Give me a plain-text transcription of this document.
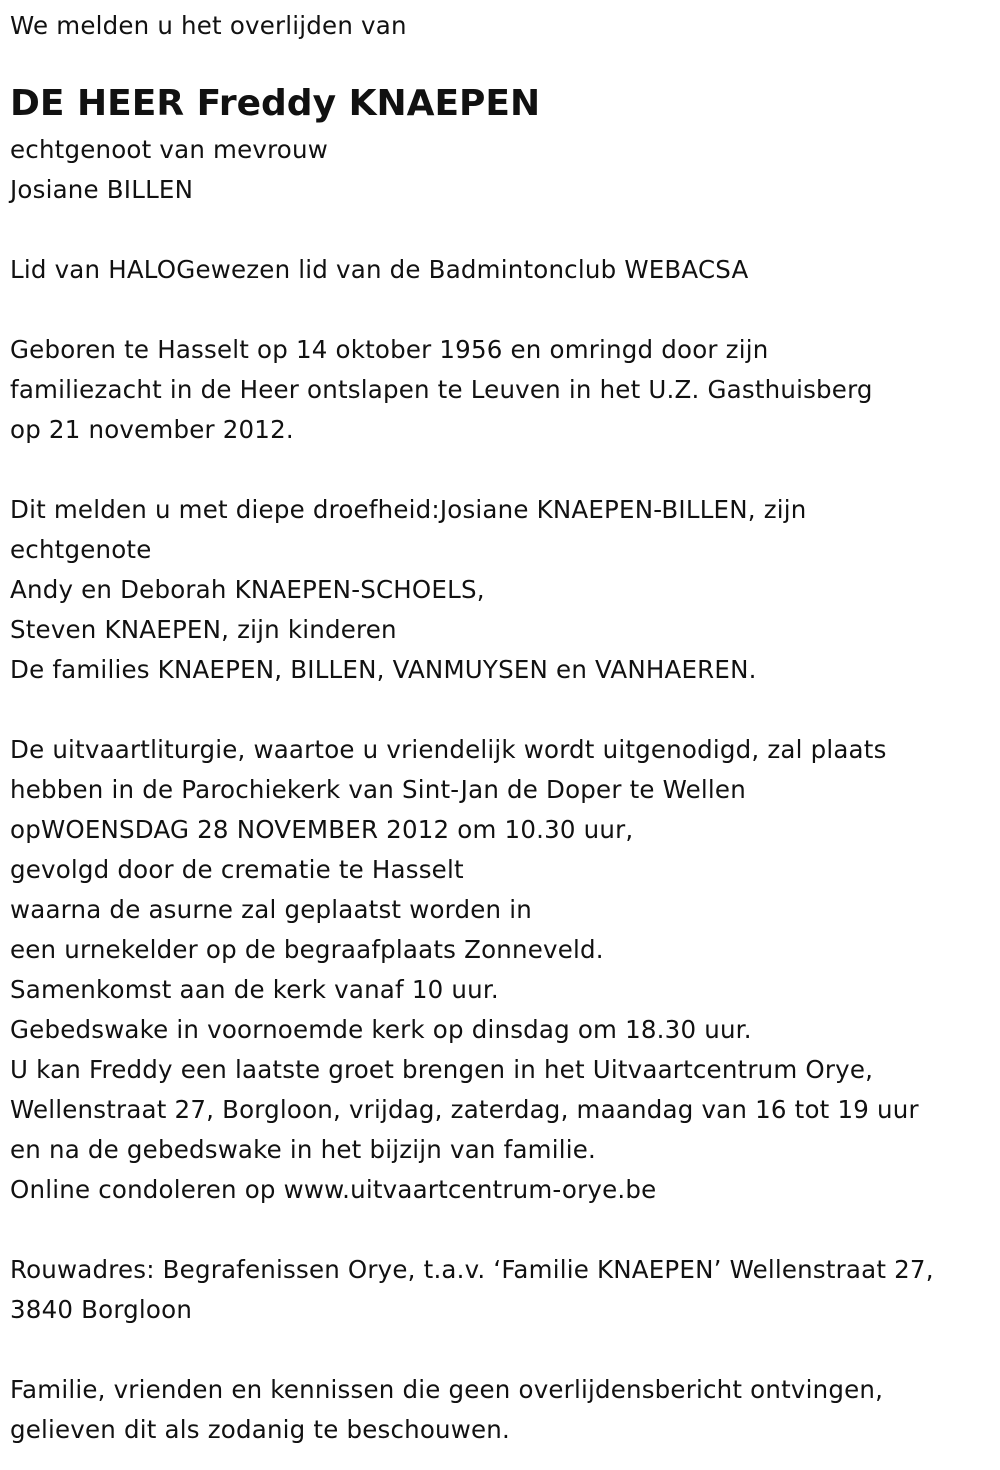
We melden u het overlijden van
DE HEER Freddy KNAEPEN
echtgenoot van mevrouw
Josiane BILLEN
Lid van HALOGewezen lid van de Badmintonclub WEBACSA
Geboren te Hasselt op 14 oktober 1956 en omringd door zijn
familiezacht in de Heer ontslapen te Leuven in het U.Z. Gasthuisberg
op 21 november 2012.
Dit melden u met diepe droefheid:Josiane KNAEPEN-BILLEN, zijn
echtgenote
Andy en Deborah KNAEPEN-SCHOELS,
Steven KNAEPEN, zijn kinderen
De families KNAEPEN, BILLEN, VANMUYSEN en VANHAEREN.
De uitvaartliturgie, waartoe u vriendelijk wordt uitgenodigd, zal plaats
hebben in de Parochiekerk van Sint-Jan de Doper te Wellen
opWOENSDAG 28 NOVEMBER 2012 om 10.30 uur,
gevolgd door de crematie te Hasselt
waarna de asurne zal geplaatst worden in
een urnekelder op de begraafplaats Zonneveld.
Samenkomst aan de kerk vanaf 10 uur.
Gebedswake in voornoemde kerk op dinsdag om 18.30 uur.
U kan Freddy een laatste groet brengen in het Uitvaartcentrum Orye,
Wellenstraat 27, Borgloon, vrijdag, zaterdag, maandag van 16 tot 19 uur
en na de gebedswake in het bijzijn van familie.
Online condoleren op www.uitvaartcentrum-orye.be
Rouwadres: Begrafenissen Orye, t.a.v. ‘Familie KNAEPEN’ Wellenstraat 27,
3840 Borgloon
Familie, vrienden en kennissen die geen overlijdensbericht ontvingen,
gelieven dit als zodanig te beschouwen.
